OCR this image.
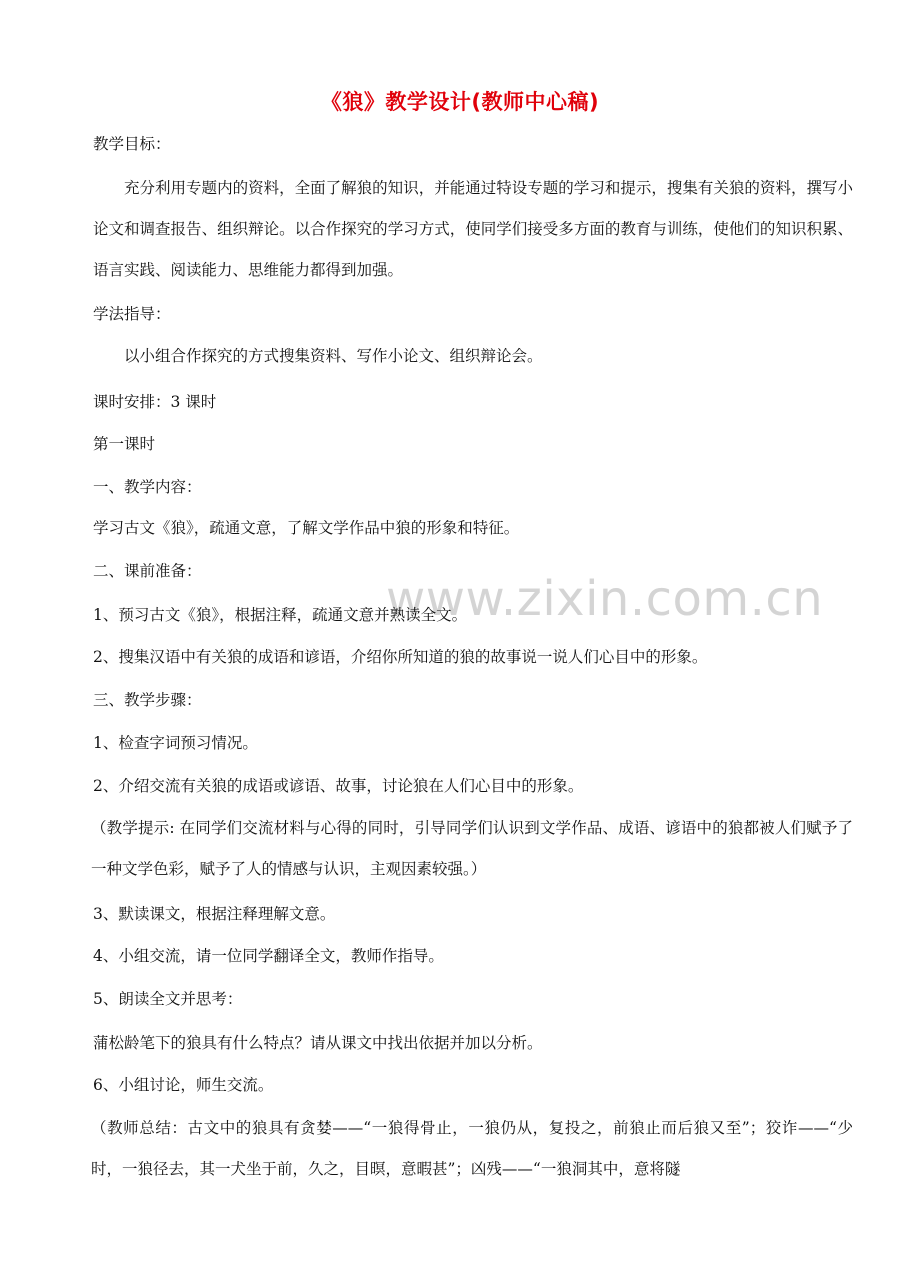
www.zixin.com.cn
《狼》教学设计(教师中心稿)
教学目标：
充分利用专题内的资料，全面了解狼的知识，并能通过特设专题的学习和提示，搜集有关狼的资料，撰写小论文和调查报告、组织辩论。以合作探究的学习方式，使同学们接受多方面的教育与训练，使他们的知识积累、语言实践、阅读能力、思维能力都得到加强。
学法指导：
以小组合作探究的方式搜集资料、写作小论文、组织辩论会。
课时安排：3 课时
第一课时
一、教学内容：
学习古文《狼》，疏通文意，了解文学作品中狼的形象和特征。
二、课前准备：
1、预习古文《狼》，根据注释，疏通文意并熟读全文。
2、搜集汉语中有关狼的成语和谚语，介绍你所知道的狼的故事说一说人们心目中的形象。
三、教学步骤：
1、检查字词预习情况。
2、介绍交流有关狼的成语或谚语、故事，讨论狼在人们心目中的形象。
（教学提示: 在同学们交流材料与心得的同时，引导同学们认识到文学作品、成语、谚语中的狼都被人们赋予了一种文学色彩，赋予了人的情感与认识，主观因素较强。）
3、默读课文，根据注释理解文意。
4、小组交流，请一位同学翻译全文，教师作指导。
5、朗读全文并思考：
蒲松龄笔下的狼具有什么特点？请从课文中找出依据并加以分析。
6、小组讨论，师生交流。
（教师总结：古文中的狼具有贪婪——“一狼得骨止，一狼仍从，复投之，前狼止而后狼又至”；狡诈——“少时，一狼径去，其一犬坐于前，久之，目暝，意暇甚”；凶残——“一狼洞其中，意将隧
